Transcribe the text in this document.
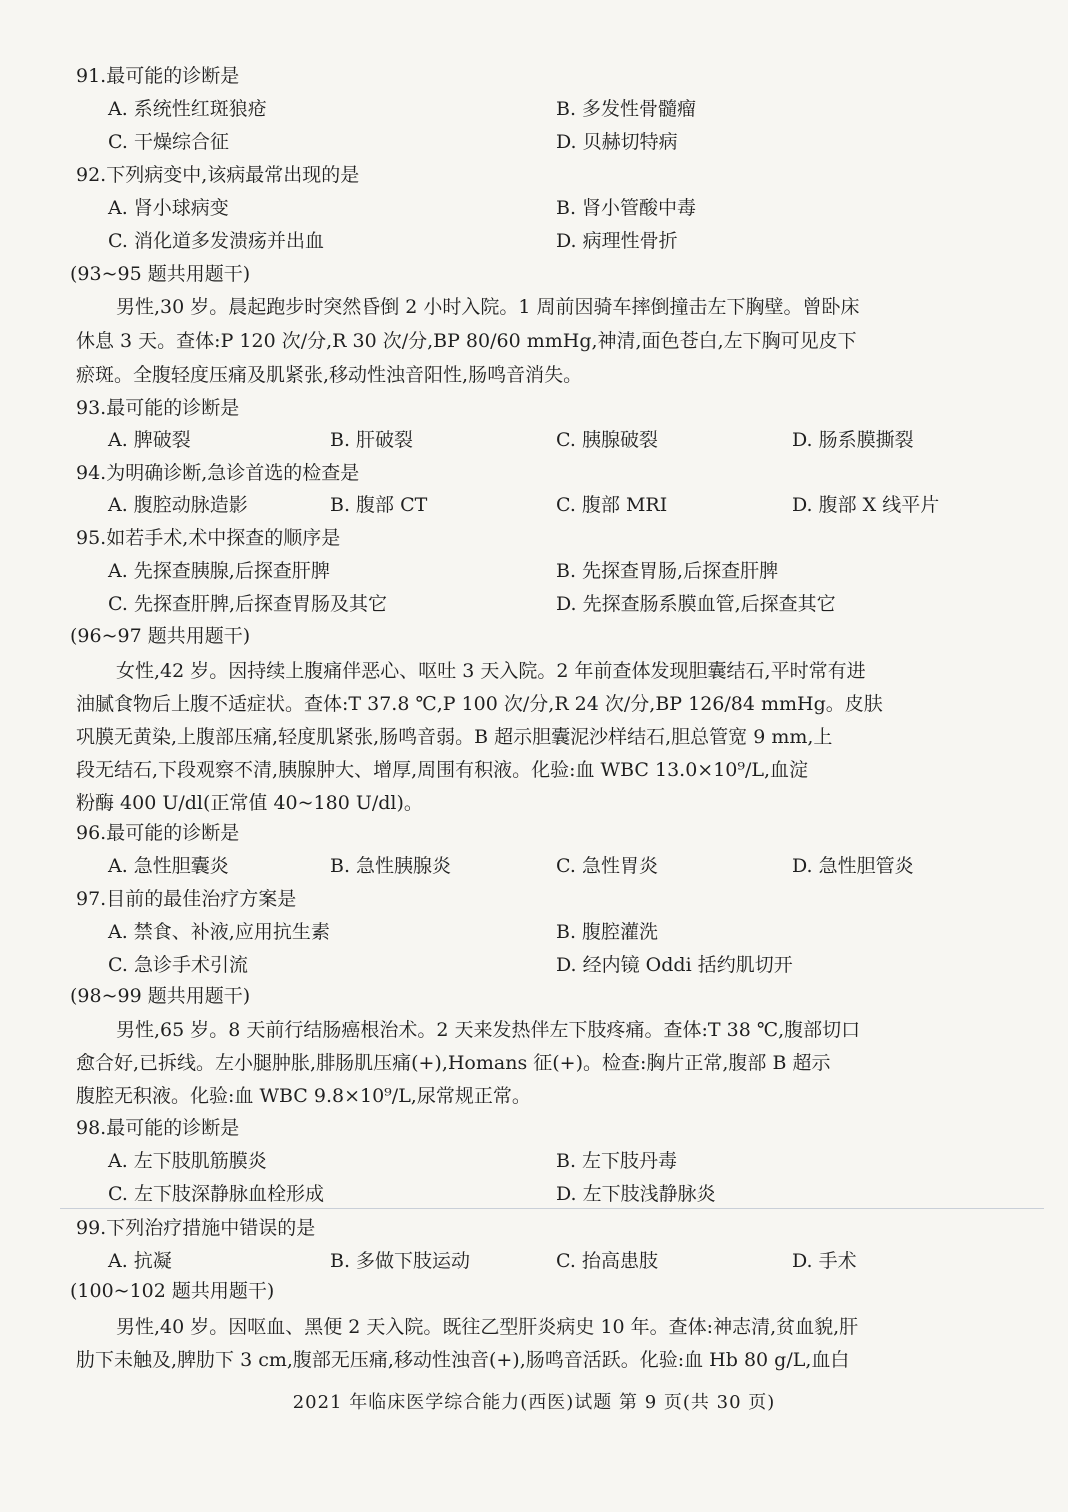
91.最可能的诊断是
A. 系统性红斑狼疮	B. 多发性骨髓瘤
C. 干燥综合征	D. 贝赫切特病
92.下列病变中,该病最常出现的是
A. 肾小球病变	B. 肾小管酸中毒
C. 消化道多发溃疡并出血	D. 病理性骨折
(93~95 题共用题干)
男性,30 岁。晨起跑步时突然昏倒 2 小时入院。1 周前因骑车摔倒撞击左下胸壁。曾卧床
休息 3 天。查体:P 120 次/分,R 30 次/分,BP 80/60 mmHg,神清,面色苍白,左下胸可见皮下
瘀斑。全腹轻度压痛及肌紧张,移动性浊音阳性,肠鸣音消失。
93.最可能的诊断是
A. 脾破裂	B. 肝破裂	C. 胰腺破裂	D. 肠系膜撕裂
94.为明确诊断,急诊首选的检查是
A. 腹腔动脉造影	B. 腹部 CT	C. 腹部 MRI	D. 腹部 X 线平片
95.如若手术,术中探查的顺序是
A. 先探查胰腺,后探查肝脾	B. 先探查胃肠,后探查肝脾
C. 先探查肝脾,后探查胃肠及其它	D. 先探查肠系膜血管,后探查其它
(96~97 题共用题干)
女性,42 岁。因持续上腹痛伴恶心、呕吐 3 天入院。2 年前查体发现胆囊结石,平时常有进
油腻食物后上腹不适症状。查体:T 37.8 ℃,P 100 次/分,R 24 次/分,BP 126/84 mmHg。皮肤
巩膜无黄染,上腹部压痛,轻度肌紧张,肠鸣音弱。B 超示胆囊泥沙样结石,胆总管宽 9 mm,上
段无结石,下段观察不清,胰腺肿大、增厚,周围有积液。化验:血 WBC 13.0×10⁹/L,血淀
粉酶 400 U/dl(正常值 40~180 U/dl)。
96.最可能的诊断是
A. 急性胆囊炎	B. 急性胰腺炎	C. 急性胃炎	D. 急性胆管炎
97.目前的最佳治疗方案是
A. 禁食、补液,应用抗生素	B. 腹腔灌洗
C. 急诊手术引流	D. 经内镜 Oddi 括约肌切开
(98~99 题共用题干)
男性,65 岁。8 天前行结肠癌根治术。2 天来发热伴左下肢疼痛。查体:T 38 ℃,腹部切口
愈合好,已拆线。左小腿肿胀,腓肠肌压痛(+),Homans 征(+)。检查:胸片正常,腹部 B 超示
腹腔无积液。化验:血 WBC 9.8×10⁹/L,尿常规正常。
98.最可能的诊断是
A. 左下肢肌筋膜炎	B. 左下肢丹毒
C. 左下肢深静脉血栓形成	D. 左下肢浅静脉炎
99.下列治疗措施中错误的是
A. 抗凝	B. 多做下肢运动	C. 抬高患肢	D. 手术
(100~102 题共用题干)
男性,40 岁。因呕血、黑便 2 天入院。既往乙型肝炎病史 10 年。查体:神志清,贫血貌,肝
肋下未触及,脾肋下 3 cm,腹部无压痛,移动性浊音(+),肠鸣音活跃。化验:血 Hb 80 g/L,血白
2021 年临床医学综合能力(西医)试题 第 9 页(共 30 页)
